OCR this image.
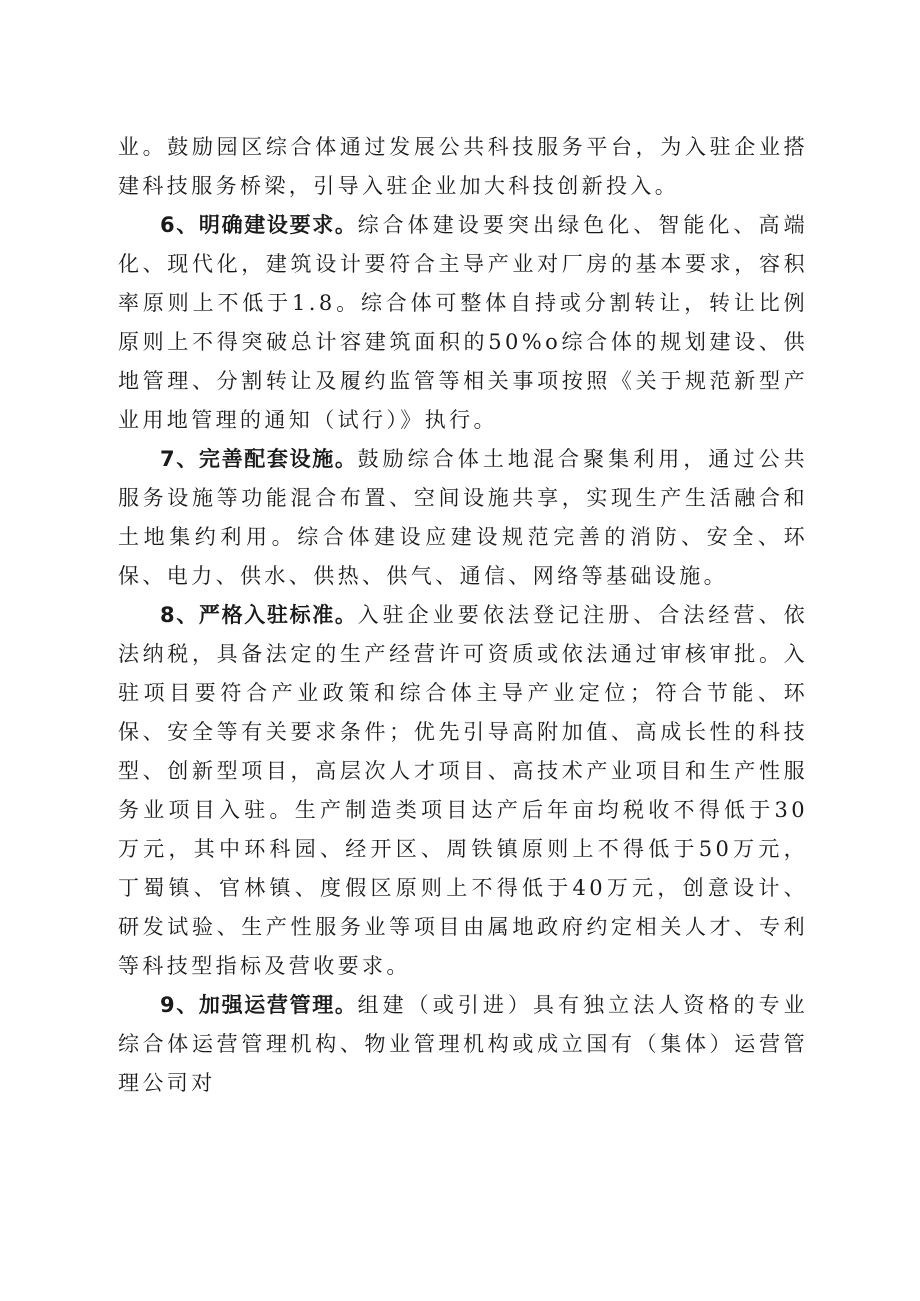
业。鼓励园区综合体通过发展公共科技服务平台，为入驻企业搭建科技服务桥梁，引导入驻企业加大科技创新投入。

6、明确建设要求。综合体建设要突出绿色化、智能化、高端化、现代化，建筑设计要符合主导产业对厂房的基本要求，容积率原则上不低于1.8。综合体可整体自持或分割转让，转让比例原则上不得突破总计容建筑面积的50%o综合体的规划建设、供地管理、分割转让及履约监管等相关事项按照《关于规范新型产业用地管理的通知（试行）》执行。

7、完善配套设施。鼓励综合体土地混合聚集利用，通过公共服务设施等功能混合布置、空间设施共享，实现生产生活融合和土地集约利用。综合体建设应建设规范完善的消防、安全、环保、电力、供水、供热、供气、通信、网络等基础设施。

8、严格入驻标准。入驻企业要依法登记注册、合法经营、依法纳税，具备法定的生产经营许可资质或依法通过审核审批。入驻项目要符合产业政策和综合体主导产业定位；符合节能、环保、安全等有关要求条件；优先引导高附加值、高成长性的科技型、创新型项目，高层次人才项目、高技术产业项目和生产性服务业项目入驻。生产制造类项目达产后年亩均税收不得低于30万元，其中环科园、经开区、周铁镇原则上不得低于50万元，丁蜀镇、官林镇、度假区原则上不得低于40万元，创意设计、研发试验、生产性服务业等项目由属地政府约定相关人才、专利等科技型指标及营收要求。

9、加强运营管理。组建（或引进）具有独立法人资格的专业综合体运营管理机构、物业管理机构或成立国有（集体）运营管理公司对
